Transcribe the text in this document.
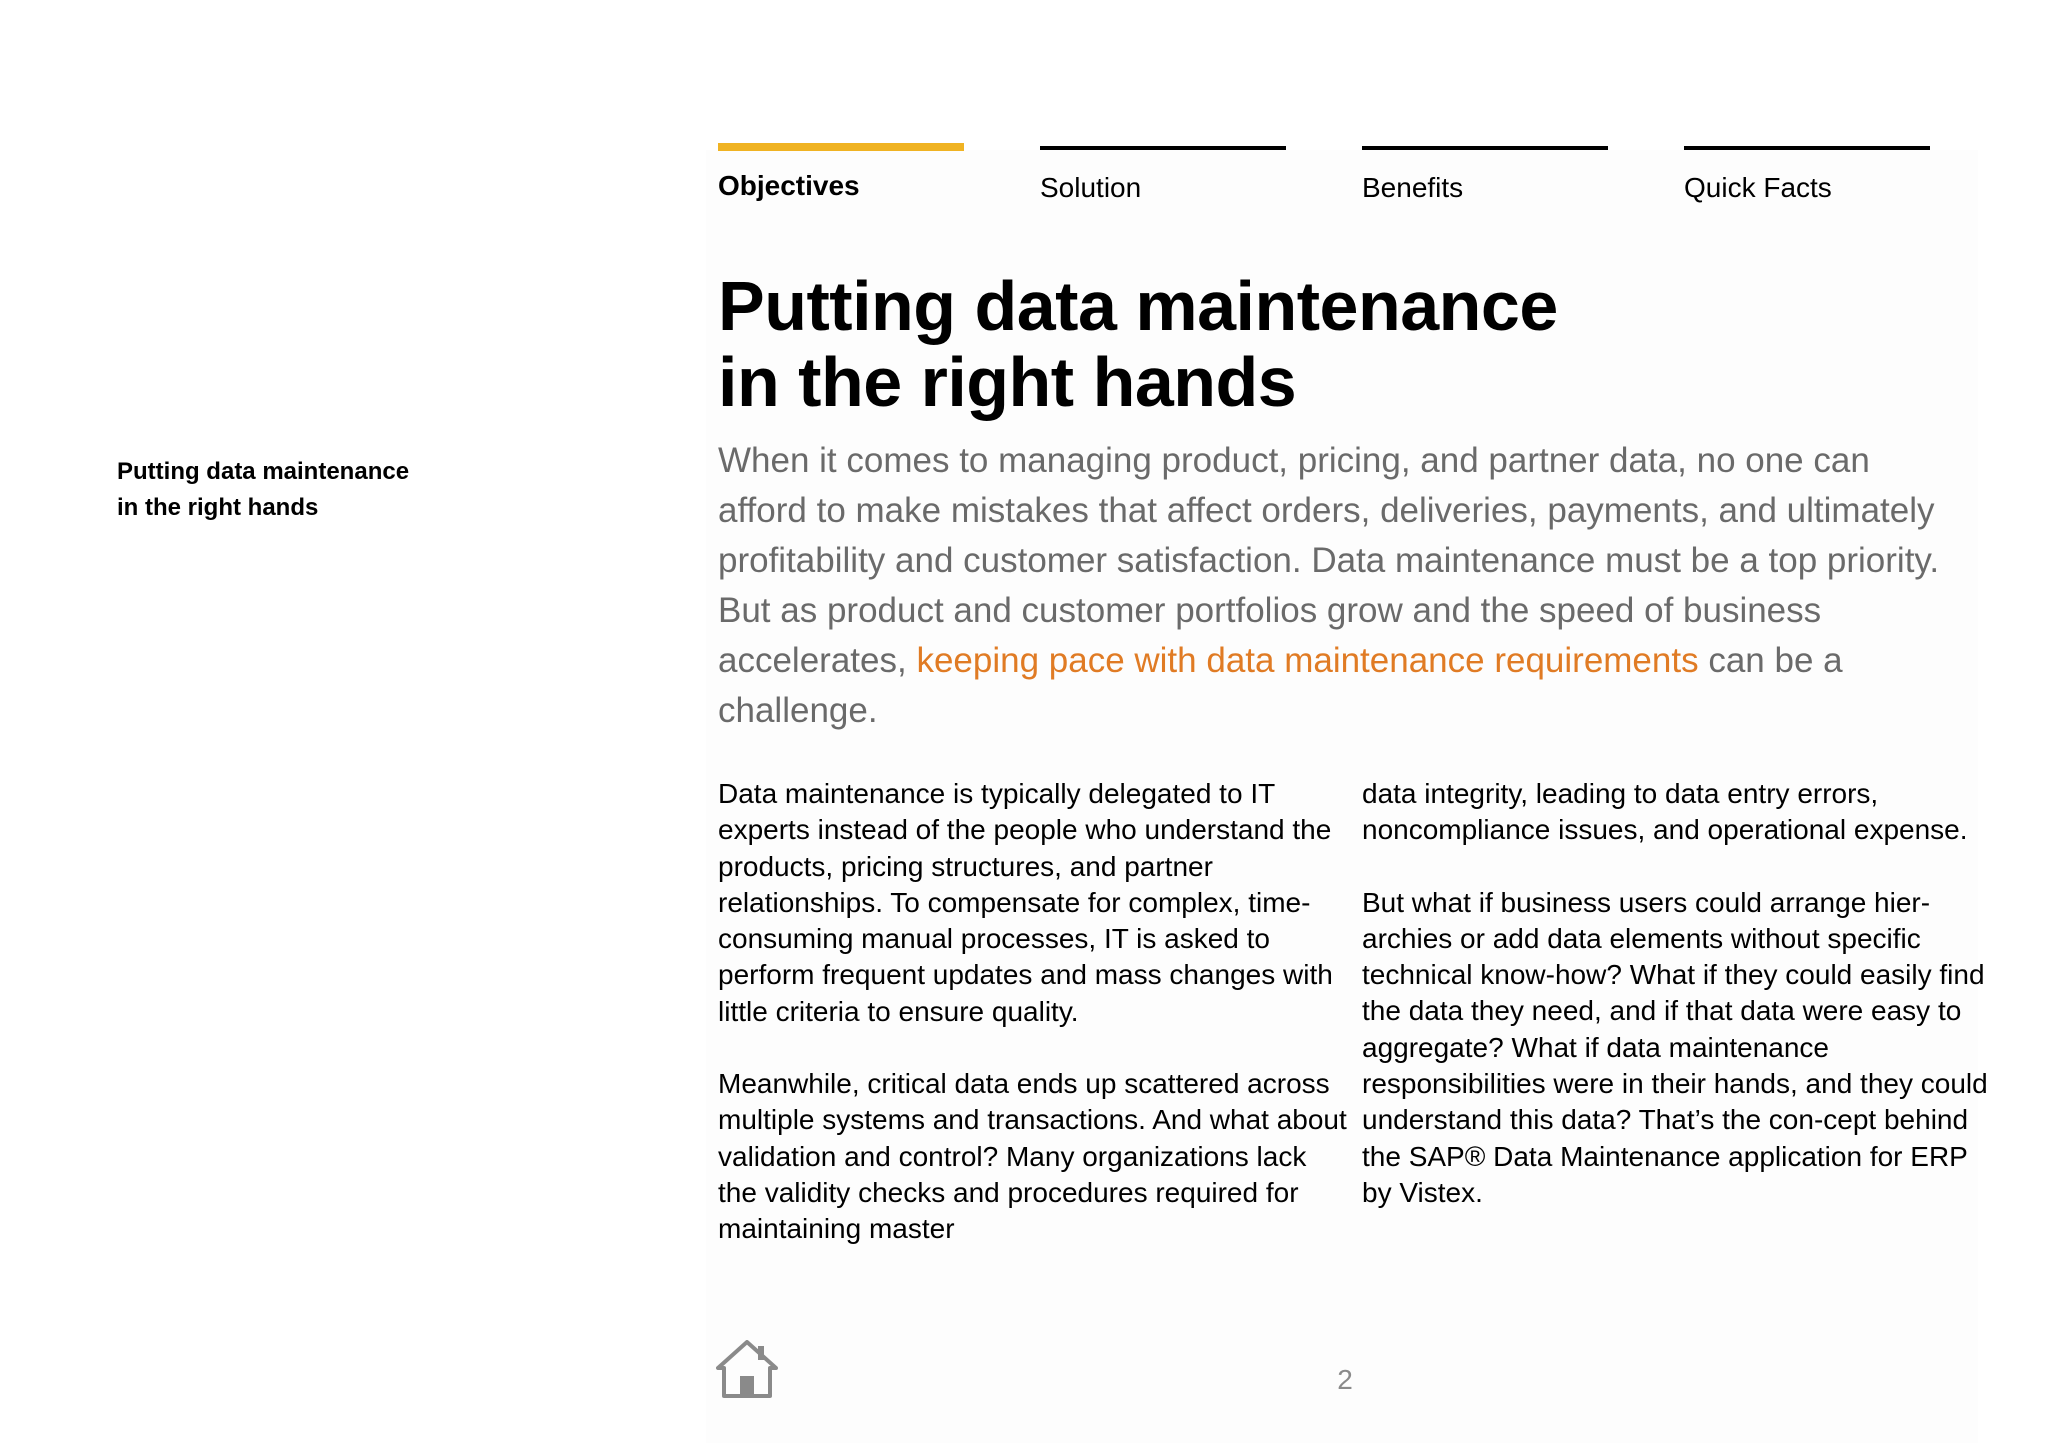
Putting data maintenance
in the right hands
Objectives	Solution	Benefits	Quick Facts
Putting data maintenance
in the right hands
When it comes to managing product, pricing, and partner data, no one can afford to make mistakes that affect orders, deliveries, payments, and ultimately profitability and customer satisfaction. Data maintenance must be a top priority. But as product and customer portfolios grow and the speed of business accelerates, keeping pace with data maintenance requirements can be a challenge.

Data maintenance is typically delegated to IT experts instead of the people who understand the products, pricing structures, and partner relationships. To compensate for complex, time-consuming manual processes, IT is asked to perform frequent updates and mass changes with little criteria to ensure quality.

Meanwhile, critical data ends up scattered across multiple systems and transactions. And what about validation and control? Many organizations lack the validity checks and procedures required for maintaining master

data integrity, leading to data entry errors, noncompliance issues, and operational expense.

But what if business users could arrange hier-archies or add data elements without specific technical know-how? What if they could easily find the data they need, and if that data were easy to aggregate? What if data maintenance responsibilities were in their hands, and they could understand this data? That’s the con-cept behind the SAP® Data Maintenance application for ERP by Vistex.

2
